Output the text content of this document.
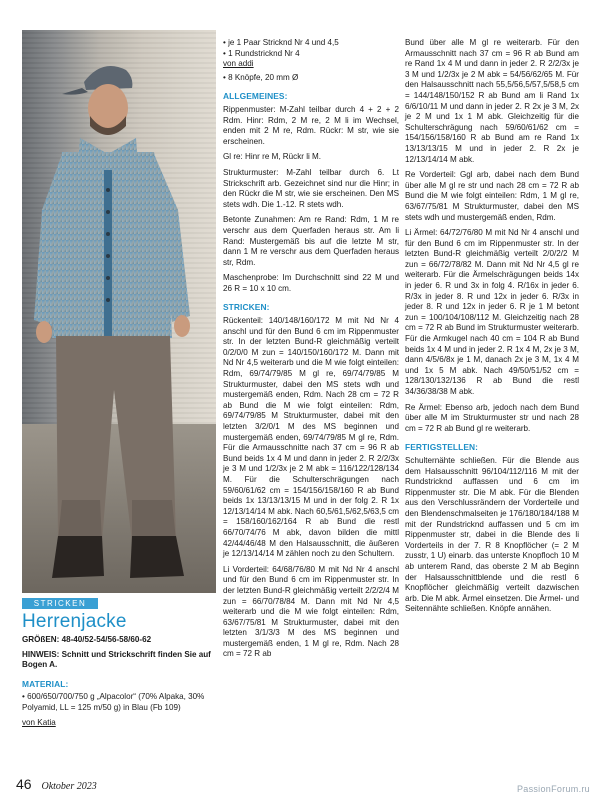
STRICKEN
Herrenjacke

GRÖßEN: 48-40/52-54/56-58/60-62

HINWEIS: Schnitt und Strickschrift finden Sie auf Bogen A.

MATERIAL:

• 600/650/700/750 g „Alpacolor“ (70% Alpaka, 30% Polyamid, LL = 125 m/50 g) in Blau (Fb 109)

von Katia

• je 1 Paar Stricknd Nr 4 und 4,5

• 1 Rundstricknd Nr 4

von addi

• 8 Knöpfe, 20 mm Ø

ALLGEMEINES:

Rippenmuster: M-Zahl teilbar durch 4 + 2 + 2 Rdm. Hinr: Rdm, 2 M re, 2 M li im Wechsel, enden mit 2 M re, Rdm. Rückr: M str, wie sie erscheinen.

Gl re: Hinr re M, Rückr li M.

Strukturmuster: M-Zahl teilbar durch 6. Lt Strickschrift arb. Gezeichnet sind nur die Hinr; in den Rückr die M str, wie sie erscheinen. Den MS stets wdh. Die 1.-12. R stets wdh.

Betonte Zunahmen: Am re Rand: Rdm, 1 M re verschr aus dem Querfaden heraus str. Am li Rand: Mustergemäß bis auf die letzte M str, dann 1 M re verschr aus dem Querfaden heraus str, Rdm.

Maschenprobe: Im Durchschnitt sind 22 M und 26 R = 10 x 10 cm.

STRICKEN:

Rückenteil: 140/148/160/172 M mit Nd Nr 4 anschl und für den Bund 6 cm im Rippenmuster str. In der letzten Bund-R gleichmäßig verteilt 0/2/0/0 M zun = 140/150/160/172 M. Dann mit Nd Nr 4,5 weiterarb und die M wie folgt einteilen: Rdm, 69/74/79/85 M gl re, 69/74/79/85 M Strukturmuster, dabei den MS stets wdh und mustergemäß enden, Rdm. Nach 28 cm = 72 R ab Bund die M wie folgt einteilen: Rdm, 69/74/79/85 M Strukturmuster, dabei mit den letzten 3/2/0/1 M des MS beginnen und mustergemäß enden, 69/74/79/85 M gl re, Rdm. Für die Armausschnitte nach 37 cm = 96 R ab Bund beids 1x 4 M und dann in jeder 2. R 2/2/3x je 3 M und 1/2/3x je 2 M abk = 116/122/128/134 M. Für die Schulterschrägungen nach 59/60/61/62 cm = 154/156/158/160 R ab Bund beids 1x 13/13/13/15 M und in der folg 2. R 1x 12/13/14/14 M abk. Nach 60,5/61,5/62,5/63,5 cm = 158/160/162/164 R ab Bund die restl 66/70/74/76 M abk, davon bilden die mittl 42/44/46/48 M den Halsausschnitt, die äußeren je 12/13/14/14 M zählen noch zu den Schultern.

Li Vorderteil: 64/68/76/80 M mit Nd Nr 4 anschl und für den Bund 6 cm im Rippenmuster str. In der letzten Bund-R gleichmäßig verteilt 2/2/2/4 M zun = 66/70/78/84 M. Dann mit Nd Nr 4,5 weiterarb und die M wie folgt einteilen: Rdm, 63/67/75/81 M Strukturmuster, dabei mit den letzten 3/1/3/3 M des MS beginnen und mustergemäß enden, 1 M gl re, Rdm. Nach 28 cm = 72 R ab

Bund über alle M gl re weiterarb. Für den Armausschnitt nach 37 cm = 96 R ab Bund am re Rand 1x 4 M und dann in jeder 2. R 2/2/3x je 3 M und 1/2/3x je 2 M abk = 54/56/62/65 M. Für den Halsausschnitt nach 55,5/56,5/57,5/58,5 cm = 144/148/150/152 R ab Bund am li Rand 1x 6/6/10/11 M und dann in jeder 2. R 2x je 3 M, 2x je 2 M und 1x 1 M abk. Gleichzeitig für die Schulterschrägung nach 59/60/61/62 cm = 154/156/158/160 R ab Bund am re Rand 1x 13/13/13/15 M und in jeder 2. R 2x je 12/13/14/14 M abk.

Re Vorderteil: Ggl arb, dabei nach dem Bund über alle M gl re str und nach 28 cm = 72 R ab Bund die M wie folgt einteilen: Rdm, 1 M gl re, 63/67/75/81 M Strukturmuster, dabei den MS stets wdh und mustergemäß enden, Rdm.

Li Ärmel: 64/72/76/80 M mit Nd Nr 4 anschl und für den Bund 6 cm im Rippenmuster str. In der letzten Bund-R gleichmäßig verteilt 2/0/2/2 M zun = 66/72/78/82 M. Dann mit Nd Nr 4,5 gl re weiterarb. Für die Ärmelschrägungen beids 14x in jeder 6. R und 3x in folg 4. R/16x in jeder 6. R/3x in jeder 8. R und 12x in jeder 6. R/3x in jeder 8. R und 12x in jeder 6. R je 1 M betont zun = 100/104/108/112 M. Gleichzeitig nach 28 cm = 72 R ab Bund im Strukturmuster weiterarb. Für die Armkugel nach 40 cm = 104 R ab Bund beids 1x 4 M und in jeder 2. R 1x 4 M, 2x je 3 M, dann 4/5/6/8x je 1 M, danach 2x je 3 M, 1x 4 M und 1x 5 M abk. Nach 49/50/51/52 cm = 128/130/132/136 R ab Bund die restl 34/36/38/38 M abk.

Re Ärmel: Ebenso arb, jedoch nach dem Bund über alle M im Strukturmuster str und nach 28 cm = 72 R ab Bund gl re weiterarb.

FERTIGSTELLEN:

Schulternähte schließen. Für die Blende aus dem Halsausschnitt 96/104/112/116 M mit der Rundstricknd auffassen und 6 cm im Rippenmuster str. Die M abk. Für die Blenden aus den Verschlussrändern der Vorderteile und den Blendenschmalseiten je 176/180/184/188 M mit der Rundstricknd auffassen und 5 cm im Rippenmuster str, dabei in die Blende des li Vorderteils in der 7. R 8 Knopflöcher (= 2 M zusstr, 1 U) einarb. das unterste Knopfloch 10 M ab unterem Rand, das oberste 2 M ab Beginn der Halsausschnittblende und die restl 6 Knopflöcher gleichmäßig verteilt dazwischen arb. Die M abk. Ärmel einsetzen. Die Ärmel- und Seitennähte schließen. Knöpfe annähen.

46 Oktober 2023	PassionForum.ru
